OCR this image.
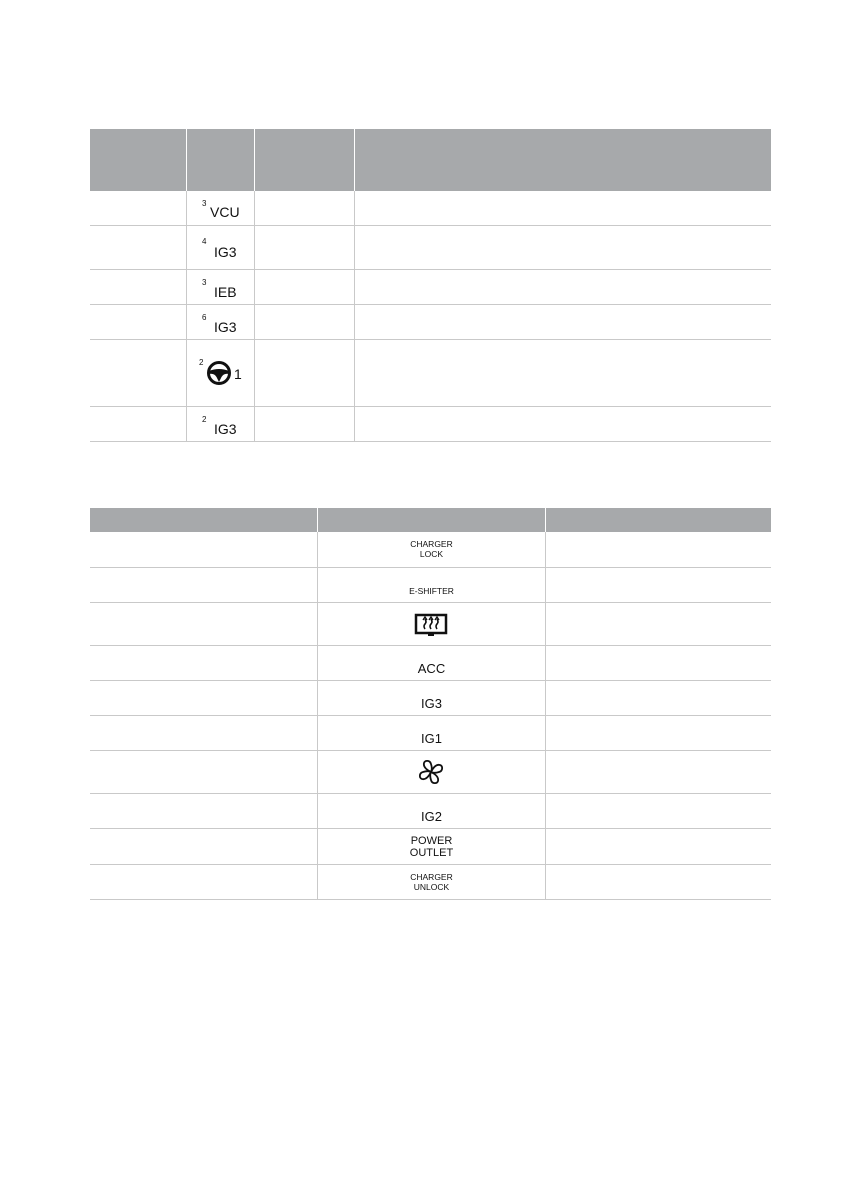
3
VCU
4
IG3
3
IEB
6
IG3
2
1
2
IG3
CHARGER
LOCK
E-SHIFTER
ACC
IG3
IG1
IG2
POWER
OUTLET
CHARGER
UNLOCK
